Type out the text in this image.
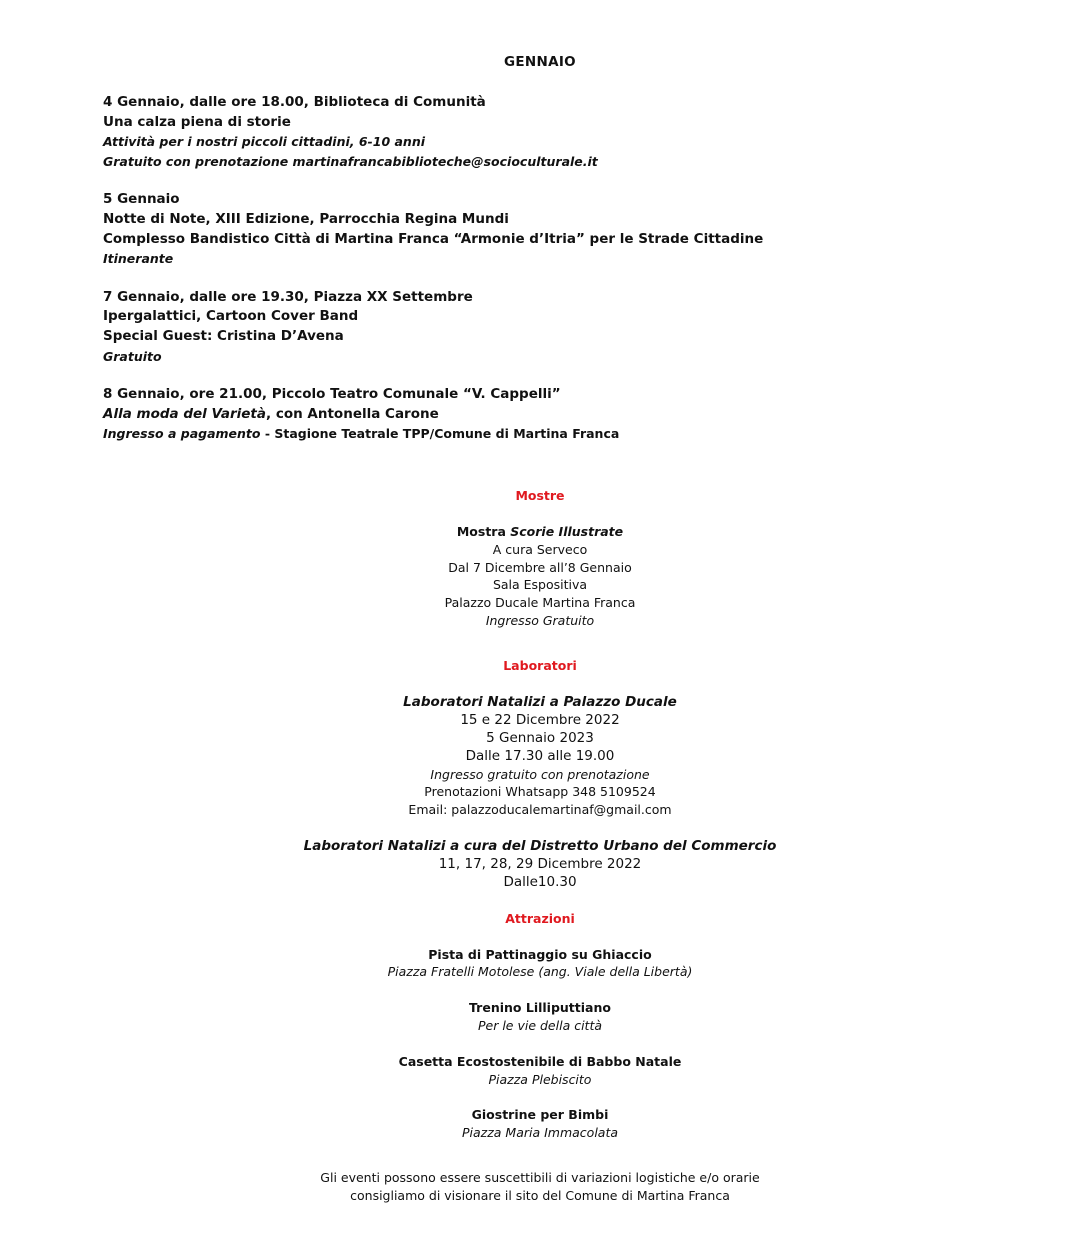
GENNAIO
4 Gennaio, dalle ore 18.00, Biblioteca di Comunità
Una calza piena di storie
Attività per i nostri piccoli cittadini, 6-10 anni
Gratuito con prenotazione martinafrancabiblioteche@socioculturale.it
5 Gennaio
Notte di Note, XIII Edizione, Parrocchia Regina Mundi
Complesso Bandistico Città di Martina Franca “Armonie d’Itria” per le Strade Cittadine
Itinerante
7 Gennaio, dalle ore 19.30, Piazza XX Settembre
Ipergalattici, Cartoon Cover Band
Special Guest: Cristina D’Avena
Gratuito
8 Gennaio, ore 21.00, Piccolo Teatro Comunale “V. Cappelli”
Alla moda del Varietà, con Antonella Carone
Ingresso a pagamento - Stagione Teatrale TPP/Comune di Martina Franca
Mostre
Mostra Scorie Illustrate
A cura Serveco
Dal 7 Dicembre all’8 Gennaio
Sala Espositiva
Palazzo Ducale Martina Franca
Ingresso Gratuito
Laboratori
Laboratori Natalizi a Palazzo Ducale
15 e 22 Dicembre 2022
5 Gennaio 2023
Dalle 17.30 alle 19.00
Ingresso gratuito con prenotazione
Prenotazioni Whatsapp 348 5109524
Email: palazzoducalemartinaf@gmail.com
Laboratori Natalizi a cura del Distretto Urbano del Commercio
11, 17, 28, 29 Dicembre 2022
Dalle10.30
Attrazioni
Pista di Pattinaggio su Ghiaccio
Piazza Fratelli Motolese (ang. Viale della Libertà)
Trenino Lilliputtiano
Per le vie della città
Casetta Ecostostenibile di Babbo Natale
Piazza Plebiscito
Giostrine per Bimbi
Piazza Maria Immacolata
Gli eventi possono essere suscettibili di variazioni logistiche e/o orarie
consigliamo di visionare il sito del Comune di Martina Franca
